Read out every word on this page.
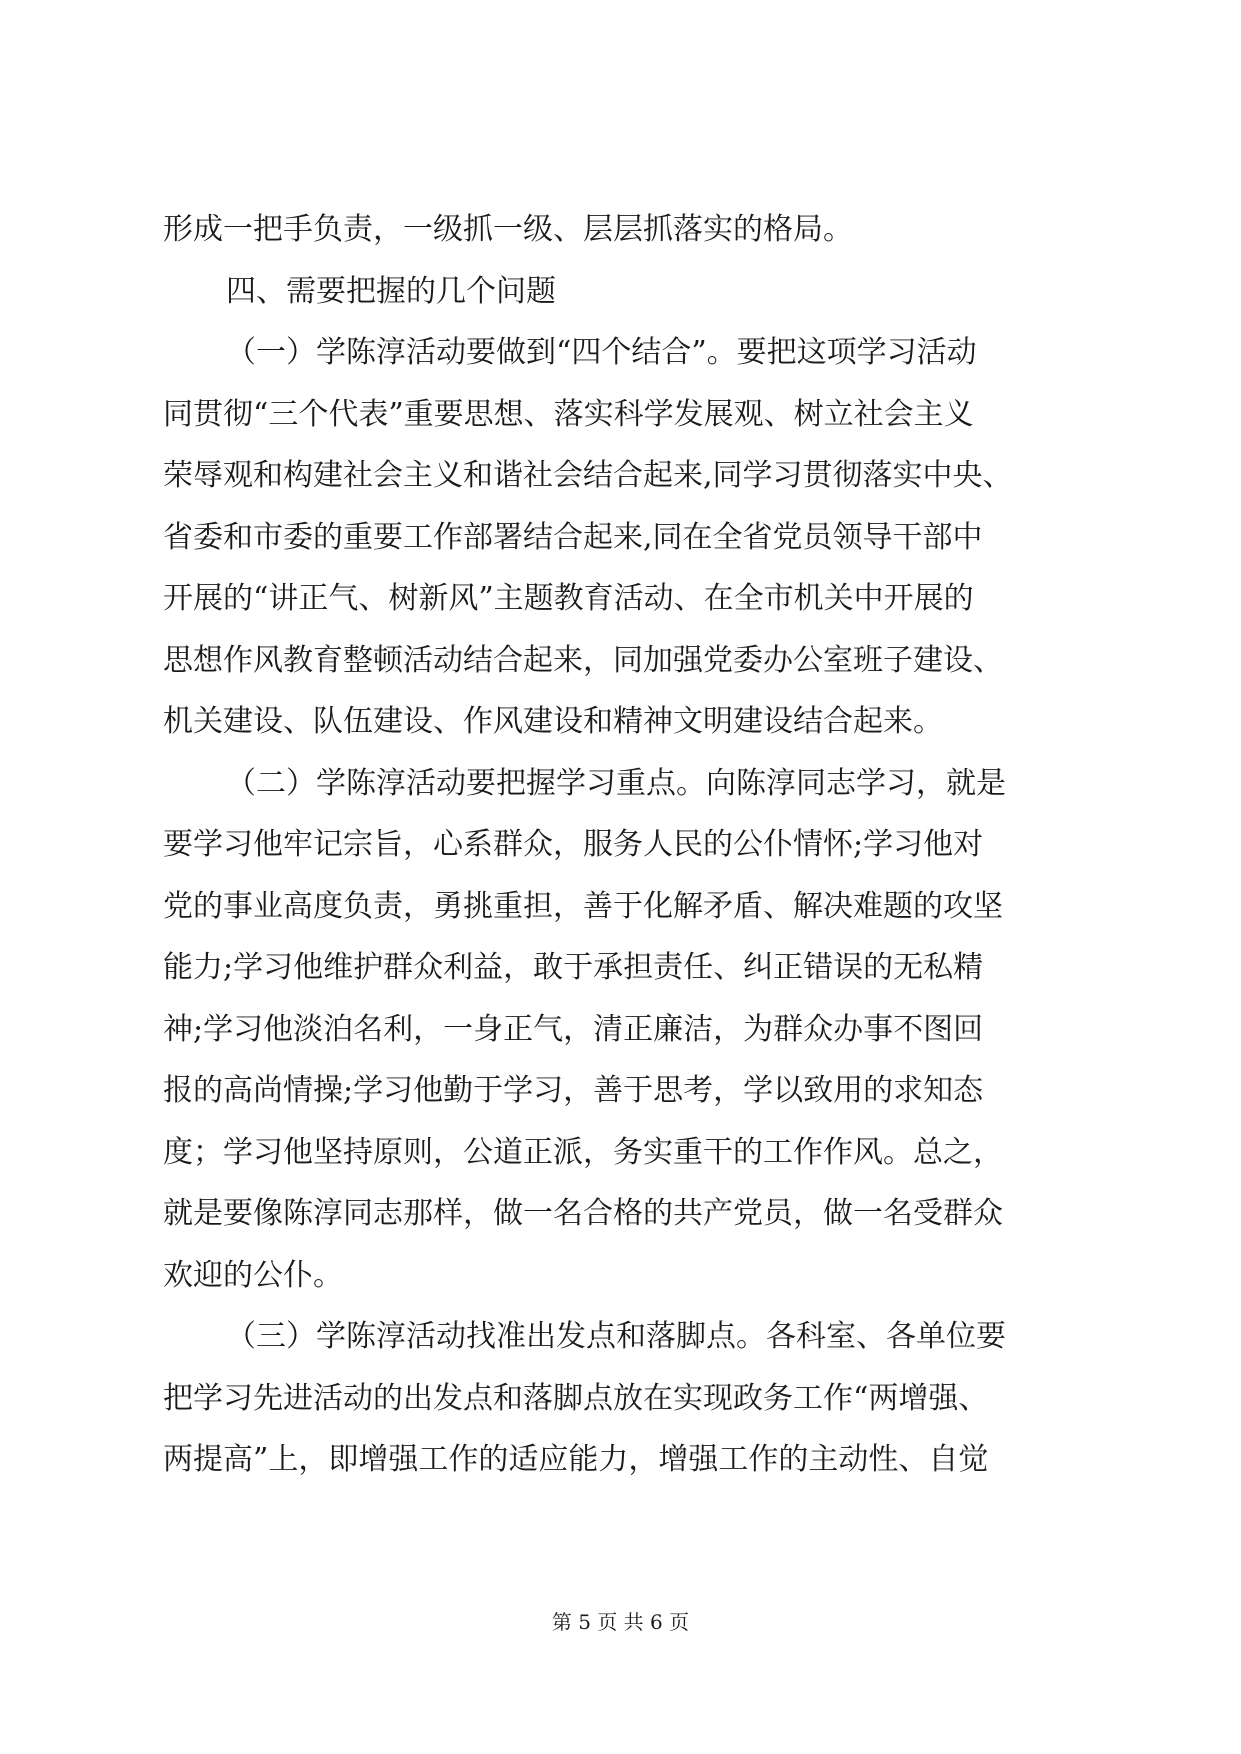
形成一把手负责，一级抓一级、层层抓落实的格局。
四、需要把握的几个问题
（一）学陈淳活动要做到“四个结合”。要把这项学习活动
同贯彻“三个代表”重要思想、落实科学发展观、树立社会主义
荣辱观和构建社会主义和谐社会结合起来,同学习贯彻落实中央、
省委和市委的重要工作部署结合起来,同在全省党员领导干部中
开展的“讲正气、树新风”主题教育活动、在全市机关中开展的
思想作风教育整顿活动结合起来，同加强党委办公室班子建设、
机关建设、队伍建设、作风建设和精神文明建设结合起来。
（二）学陈淳活动要把握学习重点。向陈淳同志学习，就是
要学习他牢记宗旨，心系群众，服务人民的公仆情怀;学习他对
党的事业高度负责，勇挑重担，善于化解矛盾、解决难题的攻坚
能力;学习他维护群众利益，敢于承担责任、纠正错误的无私精
神;学习他淡泊名利，一身正气，清正廉洁，为群众办事不图回
报的高尚情操;学习他勤于学习，善于思考，学以致用的求知态
度；学习他坚持原则，公道正派，务实重干的工作作风。总之，
就是要像陈淳同志那样，做一名合格的共产党员，做一名受群众
欢迎的公仆。
（三）学陈淳活动找准出发点和落脚点。各科室、各单位要
把学习先进活动的出发点和落脚点放在实现政务工作“两增强、
两提高”上，即增强工作的适应能力，增强工作的主动性、自觉
第 5 页 共 6 页
